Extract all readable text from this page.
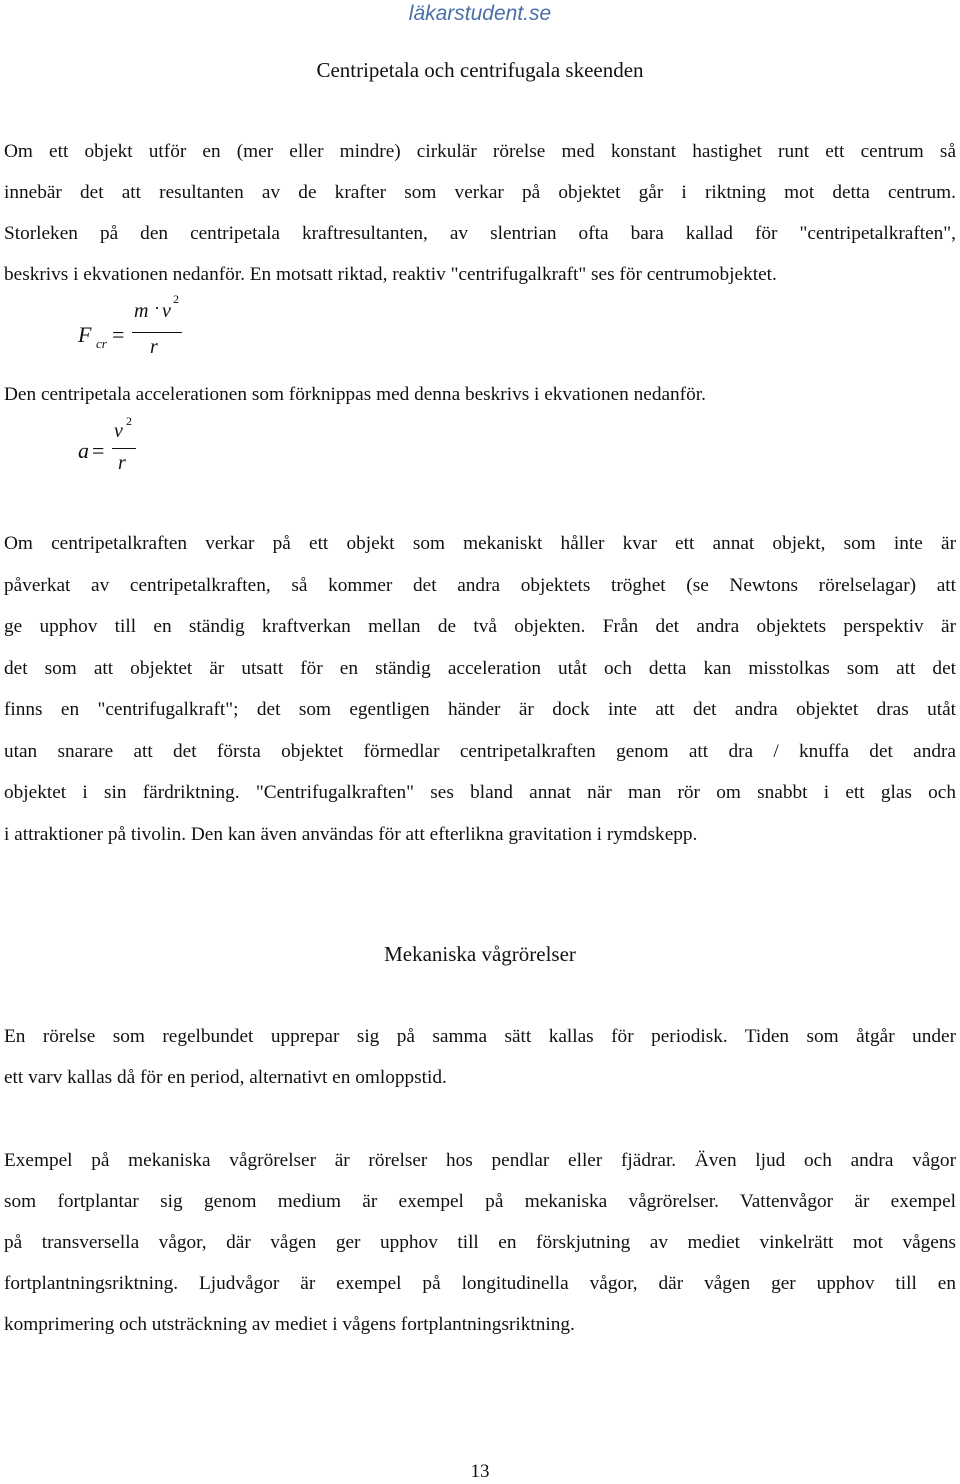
läkarstudent.se
Centripetala och centrifugala skeenden
Om ett objekt utför en (mer eller mindre) cirkulär rörelse med konstant hastighet runt ett centrum så
innebär det att resultanten av de krafter som verkar på objektet går i riktning mot detta centrum.
Storleken på den centripetala kraftresultanten, av slentrian ofta bara kallad för "centripetalkraften",
beskrivs i ekvationen nedanför. En motsatt riktad, reaktiv "centrifugalkraft" ses för centrumobjektet.
F cr =
m · v
2
r
Den centripetala accelerationen som förknippas med denna beskrivs i ekvationen nedanför.
a =
v 2
r
Om centripetalkraften verkar på ett objekt som mekaniskt håller kvar ett annat objekt, som inte är
påverkat av centripetalkraften, så kommer det andra objektets tröghet (se Newtons rörelselagar) att
ge upphov till en ständig kraftverkan mellan de två objekten. Från det andra objektets perspektiv är
det som att objektet är utsatt för en ständig acceleration utåt och detta kan misstolkas som att det
finns en "centrifugalkraft"; det som egentligen händer är dock inte att det andra objektet dras utåt
utan snarare att det första objektet förmedlar centripetalkraften genom att dra / knuffa det andra
objektet i sin färdriktning. "Centrifugalkraften" ses bland annat när man rör om snabbt i ett glas och
i attraktioner på tivolin. Den kan även användas för att efterlikna gravitation i rymdskepp.
Mekaniska vågrörelser
En rörelse som regelbundet upprepar sig på samma sätt kallas för periodisk. Tiden som åtgår under
ett varv kallas då för en period, alternativt en omloppstid.
Exempel på mekaniska vågrörelser är rörelser hos pendlar eller fjädrar. Även ljud och andra vågor
som fortplantar sig genom medium är exempel på mekaniska vågrörelser. Vattenvågor är exempel
på transversella vågor, där vågen ger upphov till en förskjutning av mediet vinkelrätt mot vågens
fortplantningsriktning. Ljudvågor är exempel på longitudinella vågor, där vågen ger upphov till en
komprimering och utsträckning av mediet i vågens fortplantningsriktning.
13
